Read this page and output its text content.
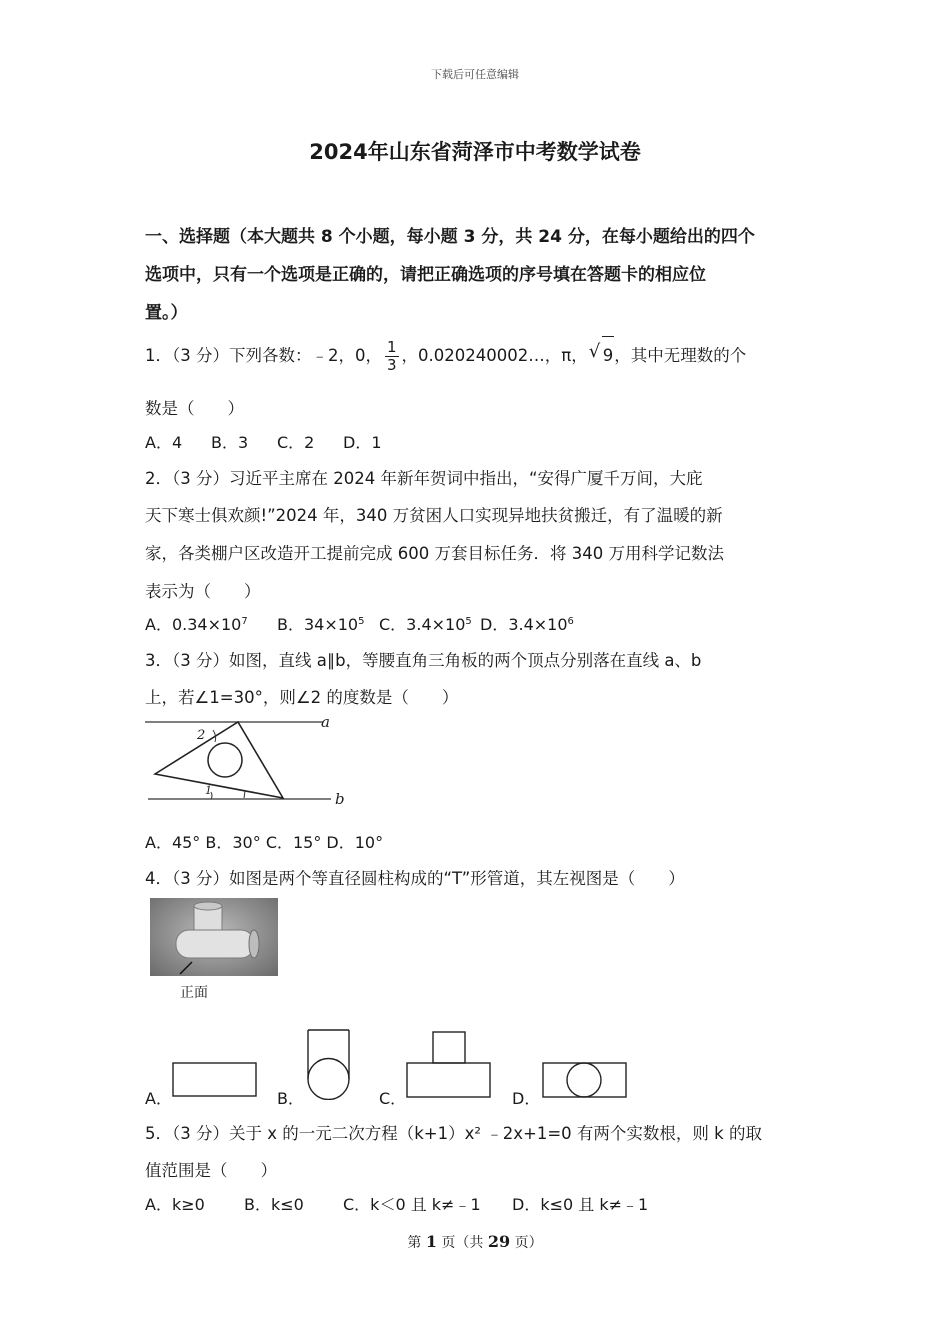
下载后可任意编辑
2024年山东省菏泽市中考数学试卷
一、选择题（本大题共 8 个小题，每小题 3 分，共 24 分，在每小题给出的四个
选项中，只有一个选项是正确的，请把正确选项的序号填在答题卡的相应位
置。）
1．（3 分）下列各数：﹣2，0， $\frac{1}{3}$ ，0.020240002…，π，√ 9，其中无理数的个
数是（　　）
A．4 B．3 C．2 D．1
2．（3 分）习近平主席在 2024 年新年贺词中指出，“安得广厦千万间，大庇
天下寒士俱欢颜!”2024 年，340 万贫困人口实现异地扶贫搬迁，有了温暖的新
家，各类棚户区改造开工提前完成 600 万套目标任务．将 340 万用科学记数法
表示为（　　）
A．$0.34\times 10^7$ B．$34\times 10^5$ C．$3.4\times 10^5$ D．$3.4\times 10^6$
3．（3 分）如图，直线 a∥b，等腰直角三角板的两个顶点分别落在直线 a、b
上，若∠1=30°，则∠2 的度数是（　　）
2
1
a
b
A．45° B．30° C．15° D．10°
4．（3 分）如图是两个等直径圆柱构成的“T”形管道，其左视图是（　　）
正面
A．	B．	C．	D．
5．（3 分）关于 x 的一元二次方程（k+1）x² ﹣2x+1=0 有两个实数根，则 k 的取
值范围是（　　）
A．k≥0 B．k≤0 C．k＜0 且 k≠﹣1 D．k≤0 且 k≠﹣1
第 1 页（共 29 页）
